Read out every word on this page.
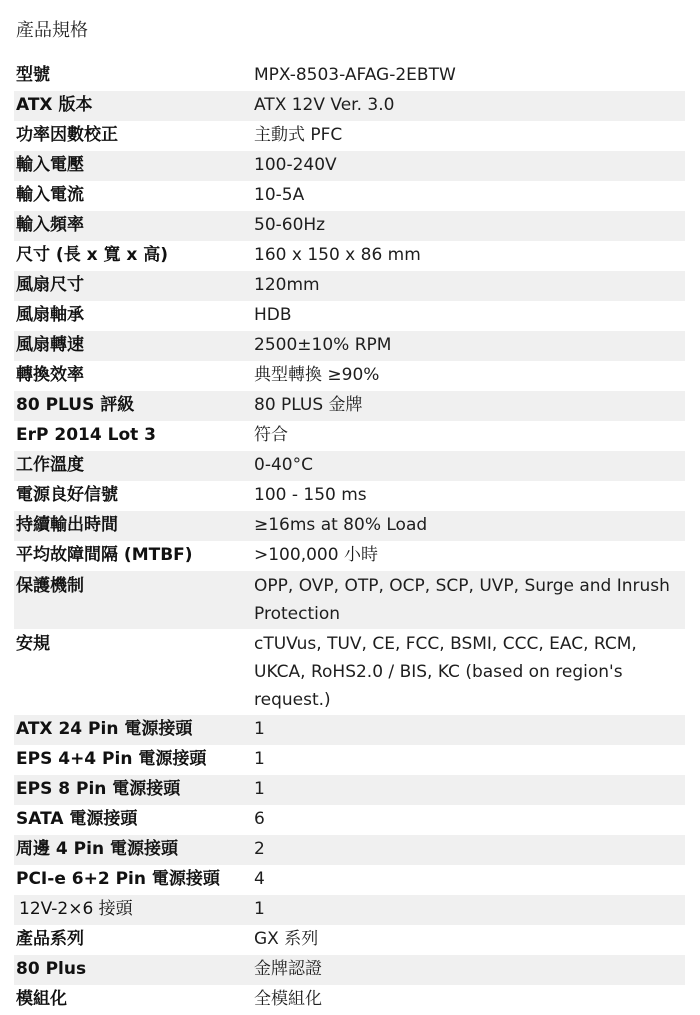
產品規格
型號	MPX-8503-AFAG-2EBTW
ATX 版本	ATX 12V Ver. 3.0
功率因數校正	主動式 PFC
輸入電壓	100-240V
輸入電流	10-5A
輸入頻率	50-60Hz
尺寸 (長 x 寬 x 高)	160 x 150 x 86 mm
風扇尺寸	120mm
風扇軸承	HDB
風扇轉速	2500±10% RPM
轉換效率	典型轉換 ≥90%
80 PLUS 評級	80 PLUS 金牌
ErP 2014 Lot 3	符合
工作溫度	0-40°C
電源良好信號	100 - 150 ms
持續輸出時間	≥16ms at 80% Load
平均故障間隔 (MTBF)	>100,000 小時
保護機制	OPP, OVP, OTP, OCP, SCP, UVP, Surge and Inrush Protection
安規	cTUVus, TUV, CE, FCC, BSMI, CCC, EAC, RCM, UKCA, RoHS2.0 / BIS, KC (based on region's request.)
ATX 24 Pin 電源接頭	1
EPS 4+4 Pin 電源接頭	1
EPS 8 Pin 電源接頭	1
SATA 電源接頭	6
周邊 4 Pin 電源接頭	2
PCI-e 6+2 Pin 電源接頭	4
12V-2×6 接頭	1
產品系列	GX 系列
80 Plus	金牌認證
模組化	全模組化
